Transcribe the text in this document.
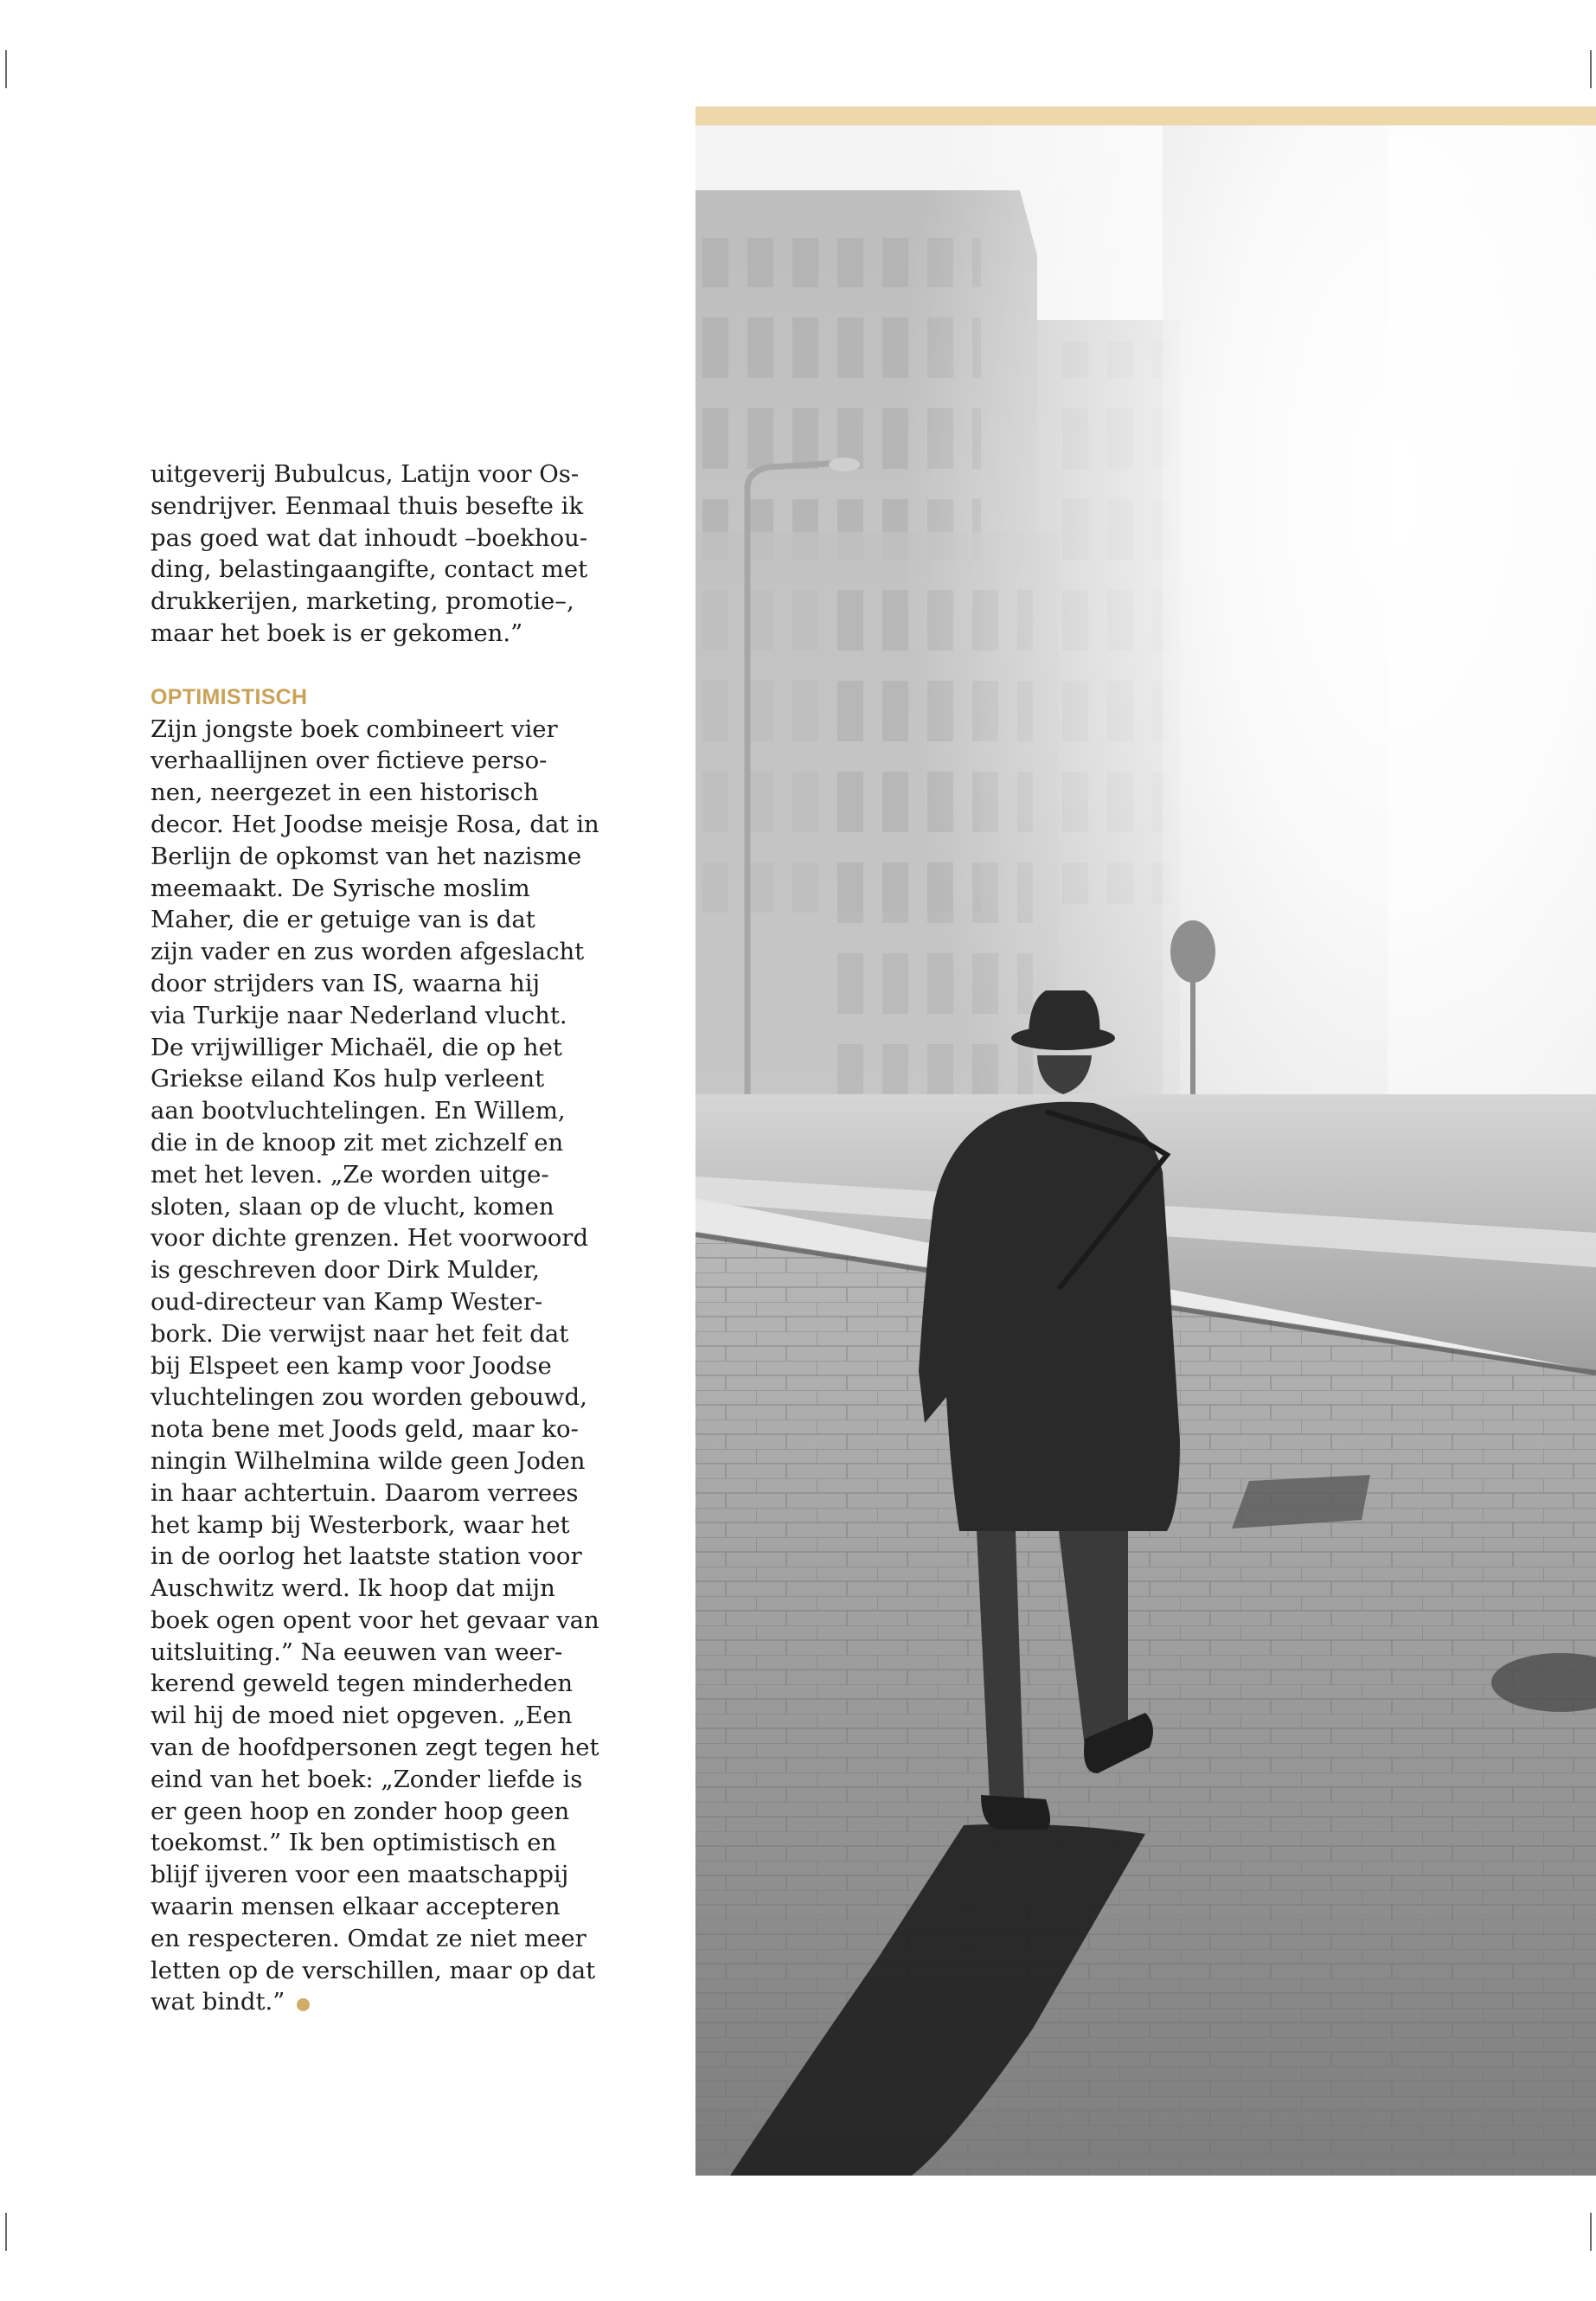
uitgeverij Bubulcus, Latijn voor Os-
sendrijver. Eenmaal thuis besefte ik
pas goed wat dat inhoudt –boekhou-
ding, belastingaangifte, contact met
drukkerijen, marketing, promotie–,
maar het boek is er gekomen.”

OPTIMISTISCH

Zijn jongste boek combineert vier
verhaallijnen over fictieve perso-
nen, neergezet in een historisch
decor. Het Joodse meisje Rosa, dat in
Berlijn de opkomst van het nazisme
meemaakt. De Syrische moslim
Maher, die er getuige van is dat
zijn vader en zus worden afgeslacht
door strijders van IS, waarna hij
via Turkije naar Nederland vlucht.
De vrijwilliger Michaël, die op het
Griekse eiland Kos hulp verleent
aan bootvluchtelingen. En Willem,
die in de knoop zit met zichzelf en
met het leven. „Ze worden uitge-
sloten, slaan op de vlucht, komen
voor dichte grenzen. Het voorwoord
is geschreven door Dirk Mulder,
oud-directeur van Kamp Wester-
bork. Die verwijst naar het feit dat
bij Elspeet een kamp voor Joodse
vluchtelingen zou worden gebouwd,
nota bene met Joods geld, maar ko-
ningin Wilhelmina wilde geen Joden
in haar achtertuin. Daarom verrees
het kamp bij Westerbork, waar het
in de oorlog het laatste station voor
Auschwitz werd. Ik hoop dat mijn
boek ogen opent voor het gevaar van
uitsluiting.” Na eeuwen van weer-
kerend geweld tegen minderheden
wil hij de moed niet opgeven. „Een
van de hoofdpersonen zegt tegen het
eind van het boek: „Zonder liefde is
er geen hoop en zonder hoop geen
toekomst.” Ik ben optimistisch en
blijf ijveren voor een maatschappij
waarin mensen elkaar accepteren
en respecteren. Omdat ze niet meer
letten op de verschillen, maar op dat
wat bindt.”
